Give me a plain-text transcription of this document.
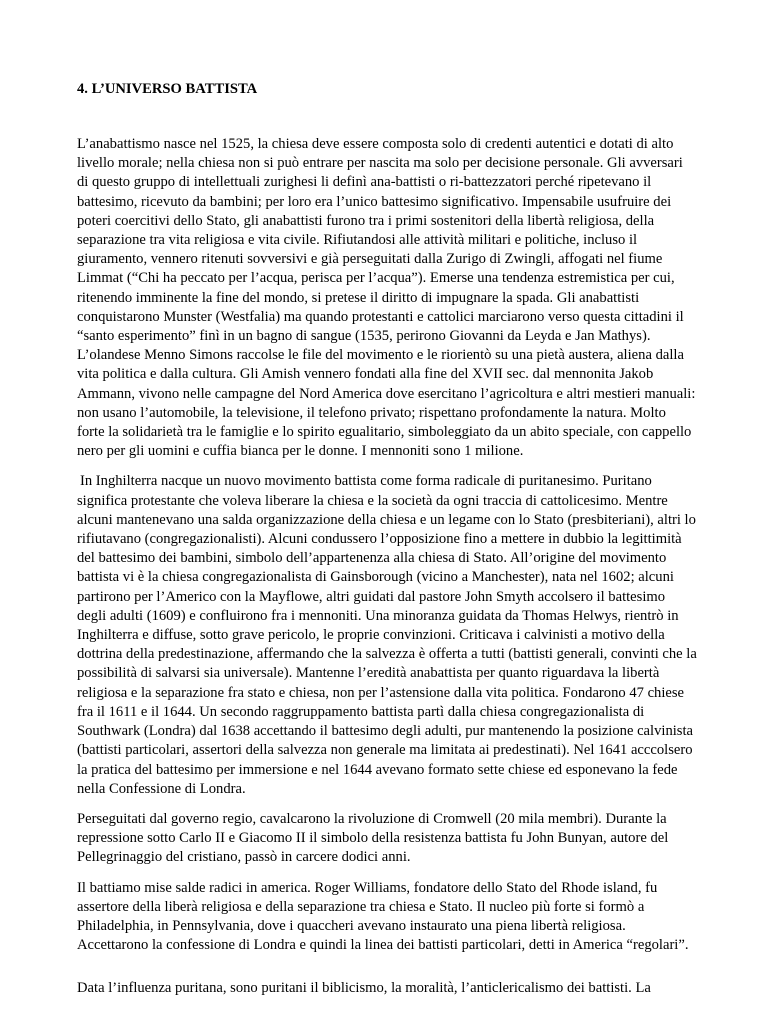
4. L’UNIVERSO BATTISTA

L’anabattismo nasce nel 1525, la chiesa deve essere composta solo di credenti autentici e dotati di alto livello morale; nella chiesa non si può entrare per nascita ma solo per decisione personale. Gli avversari di questo gruppo di intellettuali zurighesi li definì ana-battisti o ri-battezzatori perché ripetevano il battesimo, ricevuto da bambini; per loro era l’unico battesimo significativo. Impensabile usufruire dei poteri coercitivi dello Stato, gli anabattisti furono tra i primi sostenitori della libertà religiosa, della separazione tra vita religiosa e vita civile. Rifiutandosi alle attività militari e politiche, incluso il giuramento, vennero ritenuti sovversivi e già perseguitati dalla Zurigo di Zwingli, affogati nel fiume Limmat (“Chi ha peccato per l’acqua, perisca per l’acqua”). Emerse una tendenza estremistica per cui, ritenendo imminente la fine del mondo, si pretese il diritto di impugnare la spada. Gli anabattisti conquistarono Munster (Westfalia) ma quando protestanti e cattolici marciarono verso questa cittadini il “santo esperimento” finì in un bagno di sangue (1535, perirono Giovanni da Leyda e Jan Mathys). L’olandese Menno Simons raccolse le file del movimento e le riorientò su una pietà austera, aliena dalla vita politica e dalla cultura. Gli Amish vennero fondati alla fine del XVII sec. dal mennonita Jakob Ammann, vivono nelle campagne del Nord America dove esercitano l’agricoltura e altri mestieri manuali: non usano l’automobile, la televisione, il telefono privato; rispettano profondamente la natura. Molto forte la solidarietà tra le famiglie e lo spirito egualitario, simboleggiato da un abito speciale, con cappello nero per gli uomini e cuffia bianca per le donne. I mennoniti sono 1 milione.

In Inghilterra nacque un nuovo movimento battista come forma radicale di puritanesimo. Puritano significa protestante che voleva liberare la chiesa e la società da ogni traccia di cattolicesimo. Mentre alcuni mantenevano una salda organizzazione della chiesa e un legame con lo Stato (presbiteriani), altri lo rifiutavano (congregazionalisti). Alcuni condussero l’opposizione fino a mettere in dubbio la legittimità del battesimo dei bambini, simbolo dell’appartenenza alla chiesa di Stato. All’origine del movimento battista vi è la chiesa congregazionalista di Gainsborough (vicino a Manchester), nata nel 1602; alcuni partirono per l’Americo con la Mayflowe, altri guidati dal pastore John Smyth accolsero il battesimo degli adulti (1609) e confluirono fra i mennoniti. Una minoranza guidata da Thomas Helwys, rientrò in Inghilterra e diffuse, sotto grave pericolo, le proprie convinzioni. Criticava i calvinisti a motivo della dottrina della predestinazione, affermando che la salvezza è offerta a tutti (battisti generali, convinti che la possibilità di salvarsi sia universale). Mantenne l’eredità anabattista per quanto riguardava la libertà religiosa e la separazione fra stato e chiesa, non per l’astensione dalla vita politica. Fondarono 47 chiese fra il 1611 e il 1644. Un secondo raggruppamento battista partì dalla chiesa congregazionalista di Southwark (Londra) dal 1638 accettando il battesimo degli adulti, pur mantenendo la posizione calvinista (battisti particolari, assertori della salvezza non generale ma limitata ai predestinati). Nel 1641 acccolsero la pratica del battesimo per immersione e nel 1644 avevano formato sette chiese ed esponevano la fede nella Confessione di Londra.

Perseguitati dal governo regio, cavalcarono la rivoluzione di Cromwell (20 mila membri). Durante la repressione sotto Carlo II e Giacomo II il simbolo della resistenza battista fu John Bunyan, autore del Pellegrinaggio del cristiano, passò in carcere dodici anni.

Il battiamo mise salde radici in america. Roger Williams, fondatore dello Stato del Rhode island, fu assertore della liberà religiosa e della separazione tra chiesa e Stato. Il nucleo più forte si formò a Philadelphia, in Pennsylvania, dove i quaccheri avevano instaurato una piena libertà religiosa. Accettarono la confessione di Londra e quindi la linea dei battisti particolari, detti in America “regolari”.

Data l’influenza puritana, sono puritani il biblicismo, la moralità, l’anticlericalismo dei battisti. La
